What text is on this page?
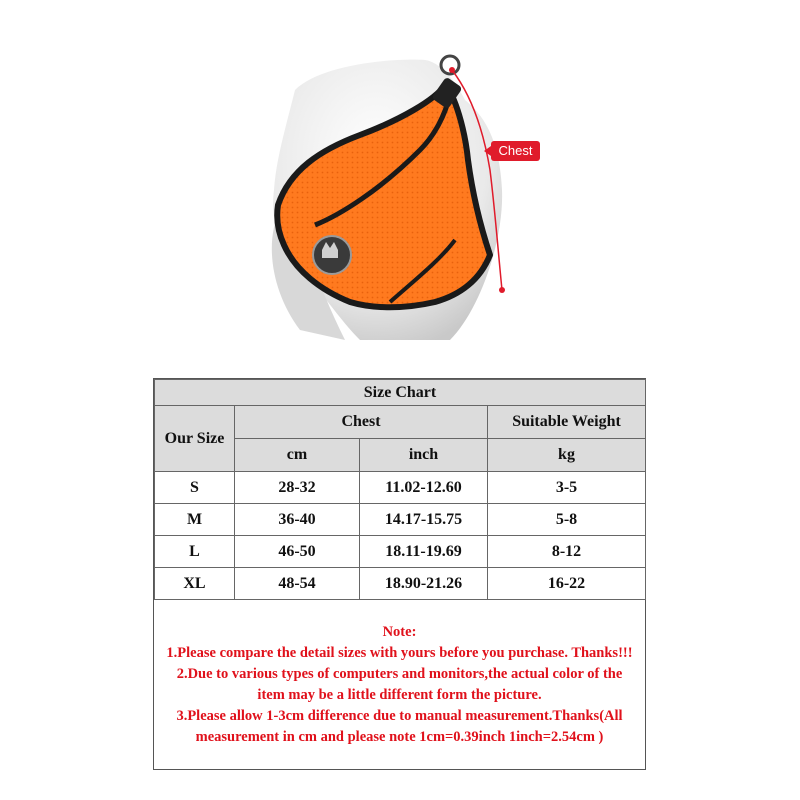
Chest
Size Chart			
Our Size	Chest		Suitable Weight
	cm	inch	kg
S	28-32	11.02-12.60	3-5
M	36-40	14.17-15.75	5-8
L	46-50	18.11-19.69	8-12
XL	48-54	18.90-21.26	16-22
Note:
1.Please compare the detail sizes with yours before you purchase. Thanks!!!
2.Due to various types of computers and monitors,the actual color of the
item may be a little different form the picture.
3.Please allow 1-3cm difference due to manual measurement.Thanks(All
measurement in cm and please note 1cm=0.39inch 1inch=2.54cm )
